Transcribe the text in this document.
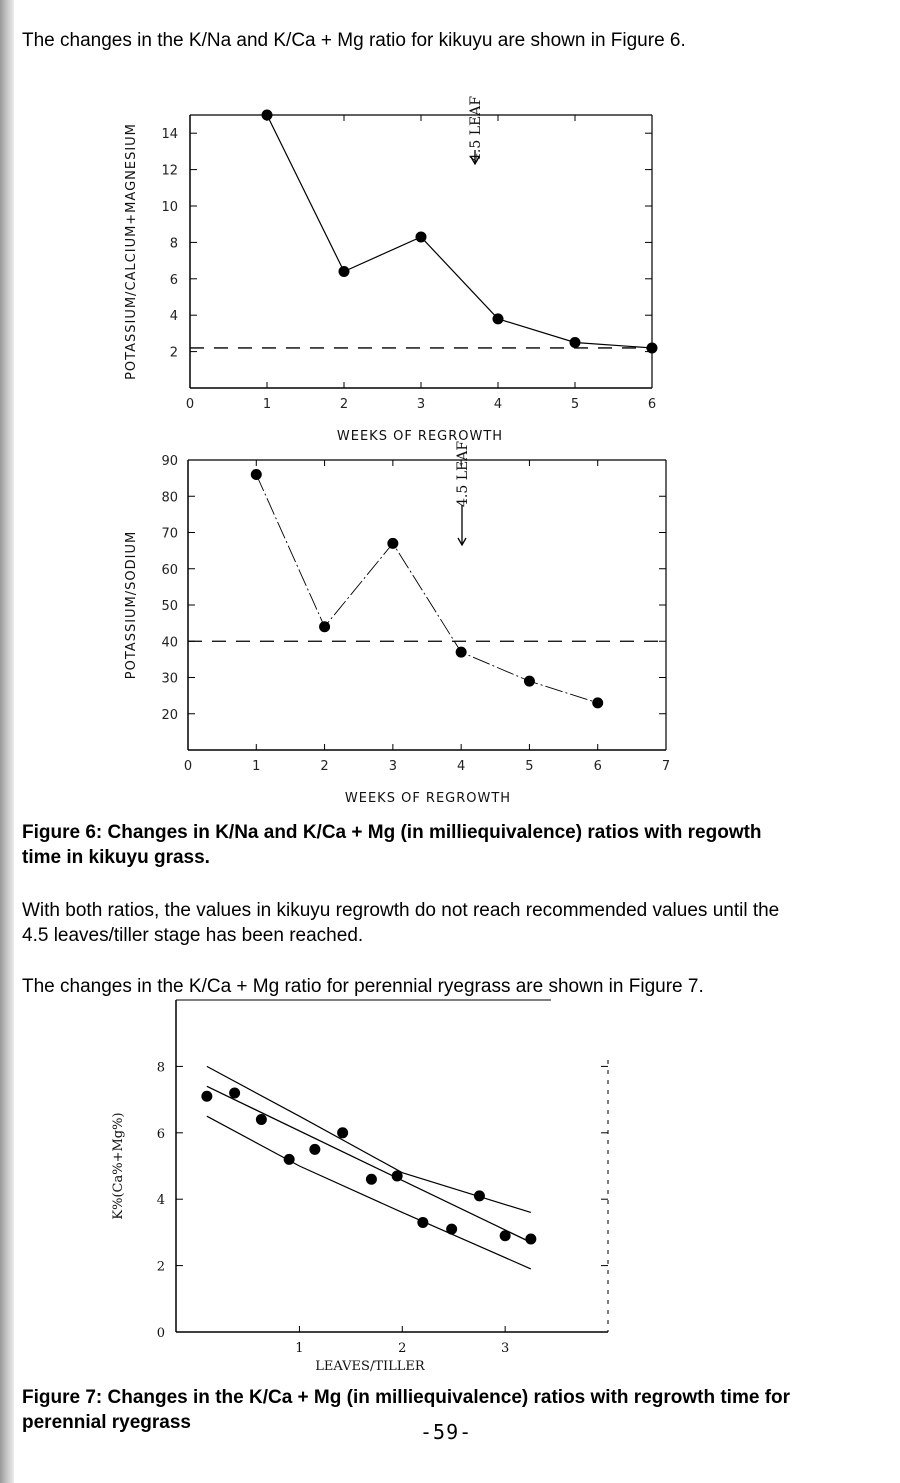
The changes in the K/Na and K/Ca + Mg ratio for kikuyu are shown in Figure 6.
0	1	2	3	4	5	6
2
4
6
8
10
12
14
WEEKS OF REGROWTH
POTASSIUM/CALCIUM+MAGNESIUM	4.5 LEAF
0	1	2	3	4	5	6	7
20
30
40
50
60
70
80
90
WEEKS OF REGROWTH
POTASSIUM/SODIUM
4.5 LEAF
Figure 6: Changes in K/Na and K/Ca + Mg (in milliequivalence) ratios with regowth
time in kikuyu grass.
With both ratios, the values in kikuyu regrowth do not reach recommended values until the
4.5 leaves/tiller stage has been reached.
The changes in the K/Ca + Mg ratio for perennial ryegrass are shown in Figure 7.
1	2	3
0
2
4
6
8
LEAVES/TILLER
K%(Ca%+Mg%)
Figure 7: Changes in the K/Ca + Mg (in milliequivalence) ratios with regrowth time for
perennial ryegrass	-59-
